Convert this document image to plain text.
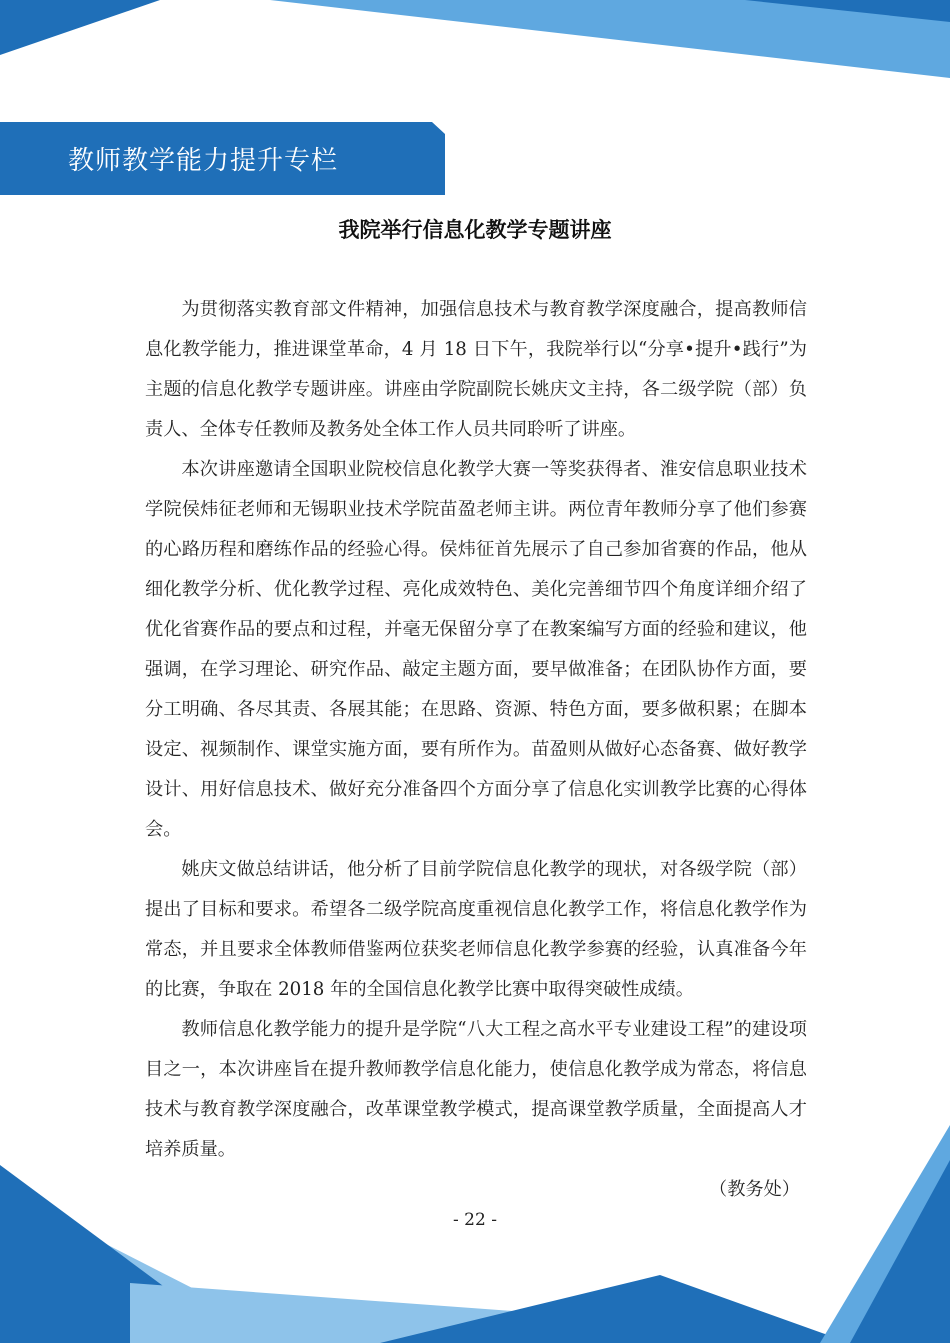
教师教学能力提升专栏
我院举行信息化教学专题讲座

为贯彻落实教育部文件精神，加强信息技术与教育教学深度融合，提高教师信息化教学能力，推进课堂革命，4 月 18 日下午，我院举行以“分享•提升•践行”为主题的信息化教学专题讲座。讲座由学院副院长姚庆文主持，各二级学院（部）负责人、全体专任教师及教务处全体工作人员共同聆听了讲座。

本次讲座邀请全国职业院校信息化教学大赛一等奖获得者、淮安信息职业技术学院侯炜征老师和无锡职业技术学院苗盈老师主讲。两位青年教师分享了他们参赛的心路历程和磨练作品的经验心得。侯炜征首先展示了自己参加省赛的作品，他从细化教学分析、优化教学过程、亮化成效特色、美化完善细节四个角度详细介绍了优化省赛作品的要点和过程，并毫无保留分享了在教案编写方面的经验和建议，他强调，在学习理论、研究作品、敲定主题方面，要早做准备；在团队协作方面，要分工明确、各尽其责、各展其能；在思路、资源、特色方面，要多做积累；在脚本设定、视频制作、课堂实施方面，要有所作为。苗盈则从做好心态备赛、做好教学设计、用好信息技术、做好充分准备四个方面分享了信息化实训教学比赛的心得体会。

姚庆文做总结讲话，他分析了目前学院信息化教学的现状，对各级学院（部）提出了目标和要求。希望各二级学院高度重视信息化教学工作，将信息化教学作为常态，并且要求全体教师借鉴两位获奖老师信息化教学参赛的经验，认真准备今年的比赛，争取在 2018 年的全国信息化教学比赛中取得突破性成绩。

教师信息化教学能力的提升是学院“八大工程之高水平专业建设工程”的建设项目之一，本次讲座旨在提升教师教学信息化能力，使信息化教学成为常态，将信息技术与教育教学深度融合，改革课堂教学模式，提高课堂教学质量，全面提高人才培养质量。

（教务处）
- 22 -
